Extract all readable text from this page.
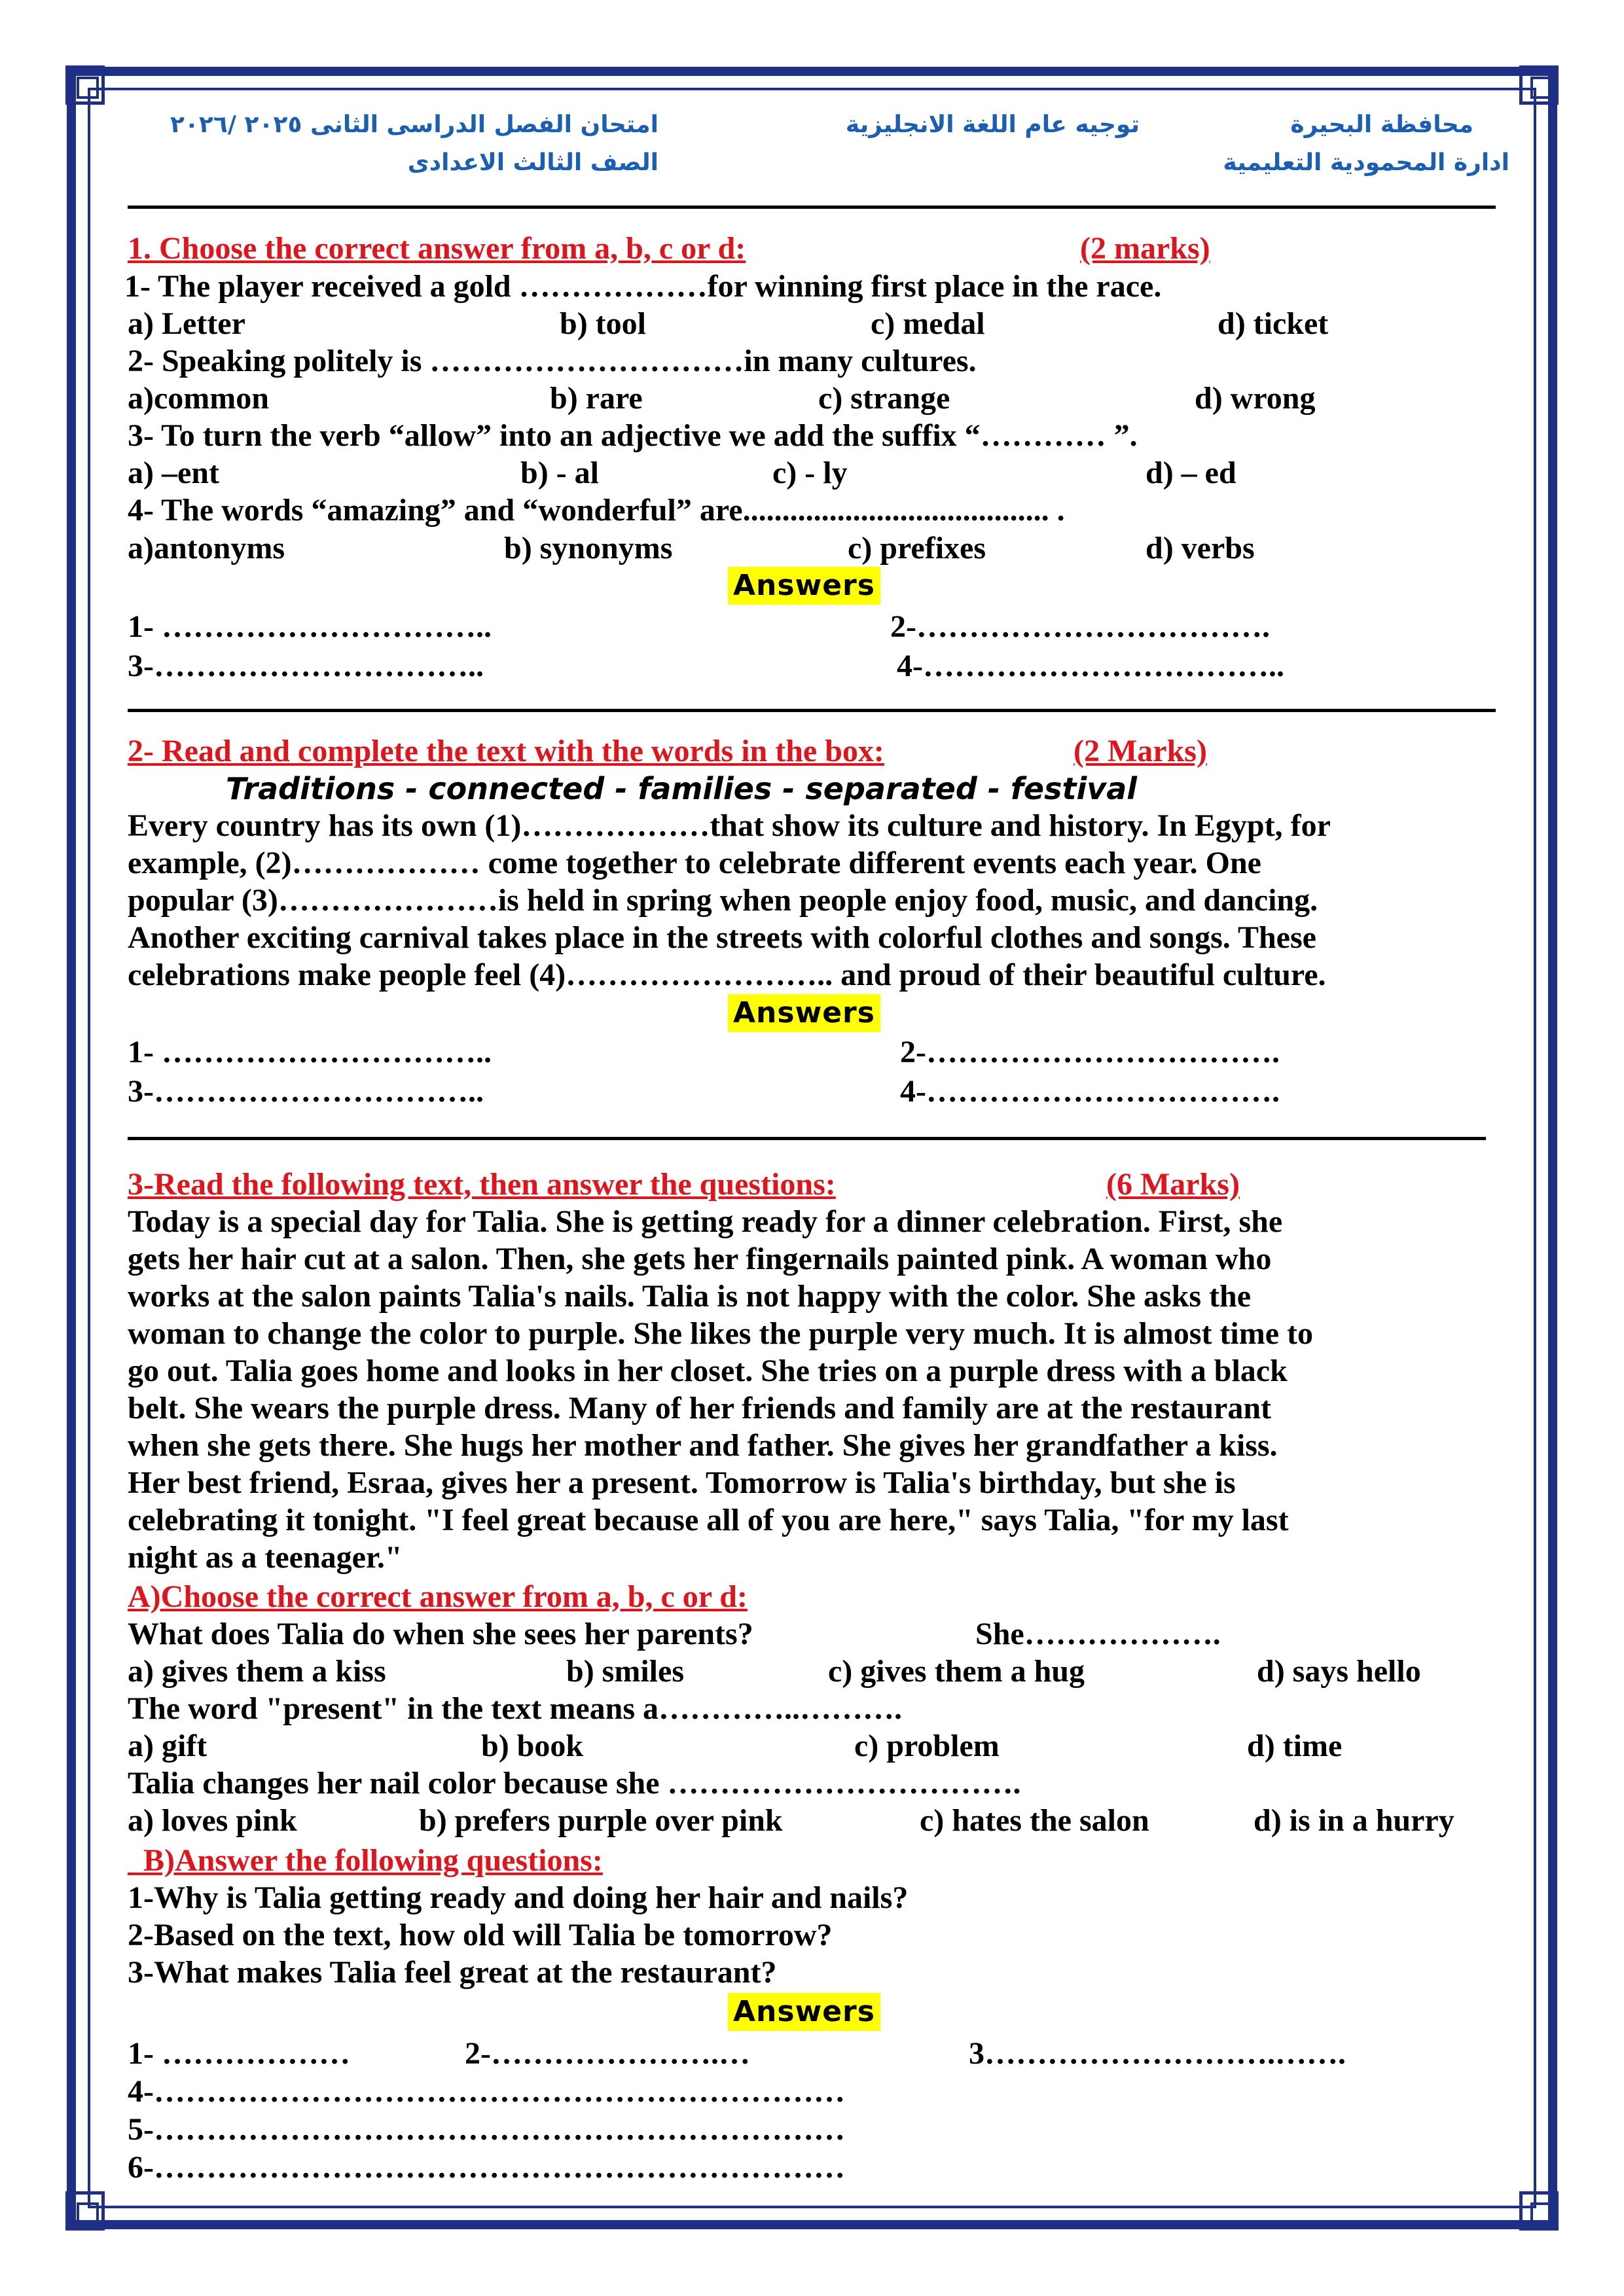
محافظة البحيرة
ادارة المحمودية التعليمية
توجيه عام اللغة الانجليزية
امتحان الفصل الدراسى الثانى ٢٠٢٥ /٢٠٢٦
الصف الثالث الاعدادى
1. Choose the correct answer from a, b, c or d:	(2 marks)
1- The player received a gold ………………for winning first place in the race.
a) Letter	b) tool	c) medal	d) ticket
2- Speaking politely is …………………………in many cultures.
a)common	b) rare	c) strange	d) wrong
3- To turn the verb “allow” into an adjective we add the suffix “………… ”.
a) –ent	b) - al	c) - ly	d) – ed
4- The words “amazing” and “wonderful” are....................................... .
a)antonyms	b) synonyms	c) prefixes	d) verbs
Answers
1- …………………………..	2-…………………………….
3-…………………………..	4-……………………………..
2- Read and complete the text with the words in the box:	(2 Marks)
Traditions - connected - families - separated - festival
Every country has its own (1)………………that show its culture and history. In Egypt, for
example, (2)……………… come together to celebrate different events each year. One
popular (3)…………………is held in spring when people enjoy food, music, and dancing.
Another exciting carnival takes place in the streets with colorful clothes and songs. These
celebrations make people feel (4)…………………….. and proud of their beautiful culture.
Answers
1- …………………………..	2-…………………………….
3-…………………………..	4-…………………………….
3-Read the following text, then answer the questions:	(6 Marks)
Today is a special day for Talia. She is getting ready for a dinner celebration. First, she
gets her hair cut at a salon. Then, she gets her fingernails painted pink. A woman who
works at the salon paints Talia's nails. Talia is not happy with the color. She asks the
woman to change the color to purple. She likes the purple very much. It is almost time to
go out. Talia goes home and looks in her closet. She tries on a purple dress with a black
belt. She wears the purple dress. Many of her friends and family are at the restaurant
when she gets there. She hugs her mother and father. She gives her grandfather a kiss.
Her best friend, Esraa, gives her a present. Tomorrow is Talia's birthday, but she is
celebrating it tonight. "I feel great because all of you are here," says Talia, "for my last
night as a teenager."
A)Choose the correct answer from a, b, c or d:
What does Talia do when she sees her parents?	She……………….
a) gives them a kiss	b) smiles	c) gives them a hug	d) says hello
The word "present" in the text means a…………..……….
a) gift	b) book	c) problem	d) time
Talia changes her nail color because she …………………………….
a) loves pink	b) prefers purple over pink	c) hates the salon	d) is in a hurry
B)Answer the following questions:
1-Why is Talia getting ready and doing her hair and nails?
2-Based on the text, how old will Talia be tomorrow?
3-What makes Talia feel great at the restaurant?
Answers
1- ………………	2-………………….…	3……………………….…….
4-…………………………………………………………
5-…………………………………………………………
6-…………………………………………………………
